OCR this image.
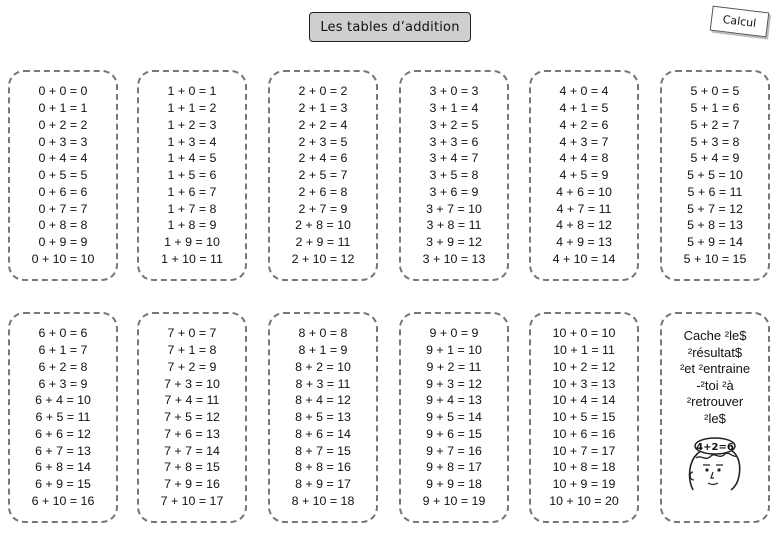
Les tables d’addition	Calcul
0 + 0 = 0
0 + 1 = 1
0 + 2 = 2
0 + 3 = 3
0 + 4 = 4
0 + 5 = 5
0 + 6 = 6
0 + 7 = 7
0 + 8 = 8
0 + 9 = 9
0 + 10 = 10
1 + 0 = 1
1 + 1 = 2
1 + 2 = 3
1 + 3 = 4
1 + 4 = 5
1 + 5 = 6
1 + 6 = 7
1 + 7 = 8
1 + 8 = 9
1 + 9 = 10
1 + 10 = 11
2 + 0 = 2
2 + 1 = 3
2 + 2 = 4
2 + 3 = 5
2 + 4 = 6
2 + 5 = 7
2 + 6 = 8
2 + 7 = 9
2 + 8 = 10
2 + 9 = 11
2 + 10 = 12
3 + 0 = 3
3 + 1 = 4
3 + 2 = 5
3 + 3 = 6
3 + 4 = 7
3 + 5 = 8
3 + 6 = 9
3 + 7 = 10
3 + 8 = 11
3 + 9 = 12
3 + 10 = 13
4 + 0 = 4
4 + 1 = 5
4 + 2 = 6
4 + 3 = 7
4 + 4 = 8
4 + 5 = 9
4 + 6 = 10
4 + 7 = 11
4 + 8 = 12
4 + 9 = 13
4 + 10 = 14
5 + 0 = 5
5 + 1 = 6
5 + 2 = 7
5 + 3 = 8
5 + 4 = 9
5 + 5 = 10
5 + 6 = 11
5 + 7 = 12
5 + 8 = 13
5 + 9 = 14
5 + 10 = 15
6 + 0 = 6
6 + 1 = 7
6 + 2 = 8
6 + 3 = 9
6 + 4 = 10
6 + 5 = 11
6 + 6 = 12
6 + 7 = 13
6 + 8 = 14
6 + 9 = 15
6 + 10 = 16
7 + 0 = 7
7 + 1 = 8
7 + 2 = 9
7 + 3 = 10
7 + 4 = 11
7 + 5 = 12
7 + 6 = 13
7 + 7 = 14
7 + 8 = 15
7 + 9 = 16
7 + 10 = 17
8 + 0 = 8
8 + 1 = 9
8 + 2 = 10
8 + 3 = 11
8 + 4 = 12
8 + 5 = 13
8 + 6 = 14
8 + 7 = 15
8 + 8 = 16
8 + 9 = 17
8 + 10 = 18
9 + 0 = 9
9 + 1 = 10
9 + 2 = 11
9 + 3 = 12
9 + 4 = 13
9 + 5 = 14
9 + 6 = 15
9 + 7 = 16
9 + 8 = 17
9 + 9 = 18
9 + 10 = 19
10 + 0 = 10
10 + 1 = 11
10 + 2 = 12
10 + 3 = 13
10 + 4 = 14
10 + 5 = 15
10 + 6 = 16
10 + 7 = 17
10 + 8 = 18
10 + 9 = 19
10 + 10 = 20
Cache ²le$
²résultat$
²et ²entraine
-²toi ²à
²retrouver
²le$
4+2=6
